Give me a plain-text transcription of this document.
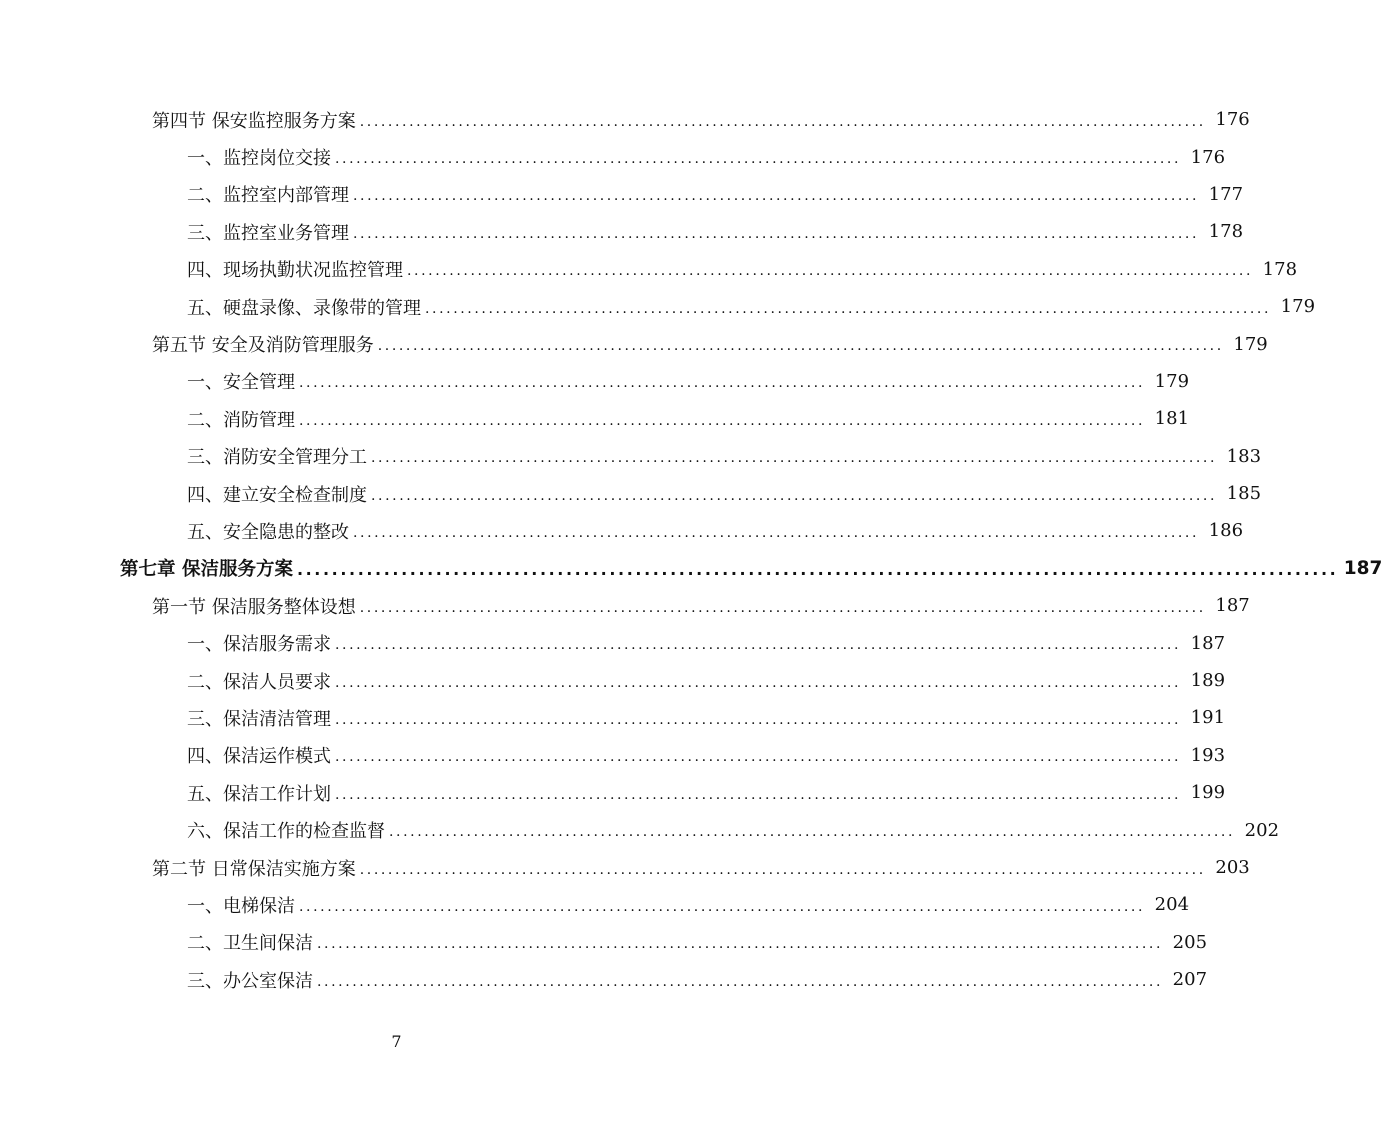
第四节 保安监控服务方案 ........................................................................................................................ 176
一、监控岗位交接 ........................................................................................................................ 176
二、监控室内部管理 ........................................................................................................................ 177
三、监控室业务管理 ........................................................................................................................ 178
四、现场执勤状况监控管理 ........................................................................................................................ 178
五、硬盘录像、录像带的管理 ........................................................................................................................ 179
第五节 安全及消防管理服务 ........................................................................................................................ 179
一、安全管理 ........................................................................................................................ 179
二、消防管理 ........................................................................................................................ 181
三、消防安全管理分工 ........................................................................................................................ 183
四、建立安全检查制度 ........................................................................................................................ 185
五、安全隐患的整改 ........................................................................................................................ 186
第七章 保洁服务方案 ........................................................................................................................ 187
第一节 保洁服务整体设想 ........................................................................................................................ 187
一、保洁服务需求 ........................................................................................................................ 187
二、保洁人员要求 ........................................................................................................................ 189
三、保洁清洁管理 ........................................................................................................................ 191
四、保洁运作模式 ........................................................................................................................ 193
五、保洁工作计划 ........................................................................................................................ 199
六、保洁工作的检查监督 ........................................................................................................................ 202
第二节 日常保洁实施方案 ........................................................................................................................ 203
一、电梯保洁 ........................................................................................................................ 204
二、卫生间保洁 ........................................................................................................................ 205
三、办公室保洁 ........................................................................................................................ 207
7
